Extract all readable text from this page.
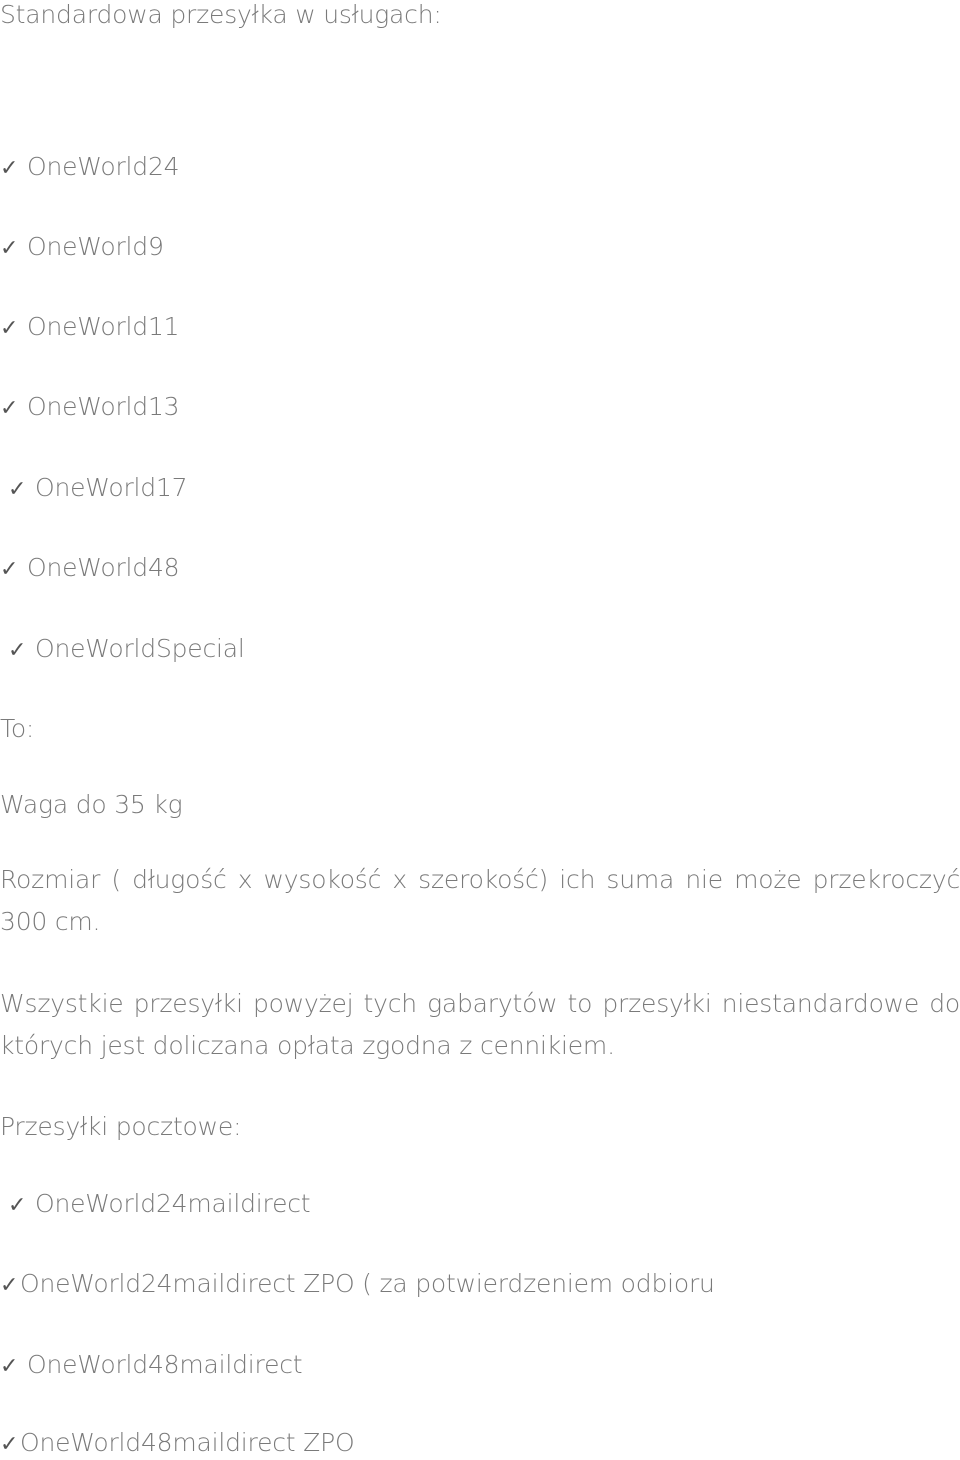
Standardowa przesyłka w usługach:
✓ OneWorld24
✓ OneWorld9
✓ OneWorld11
✓ OneWorld13
✓ OneWorld17
✓ OneWorld48
✓ OneWorldSpecial
To:
Waga do 35 kg
Rozmiar ( długość x wysokość x szerokość) ich suma nie może przekroczyć 300 cm.
Wszystkie przesyłki powyżej tych gabarytów to przesyłki niestandardowe do których jest doliczana opłata zgodna z cennikiem.
Przesyłki pocztowe:
✓ OneWorld24maildirect
✓OneWorld24maildirect ZPO ( za potwierdzeniem odbioru
✓ OneWorld48maildirect
✓OneWorld48maildirect ZPO
